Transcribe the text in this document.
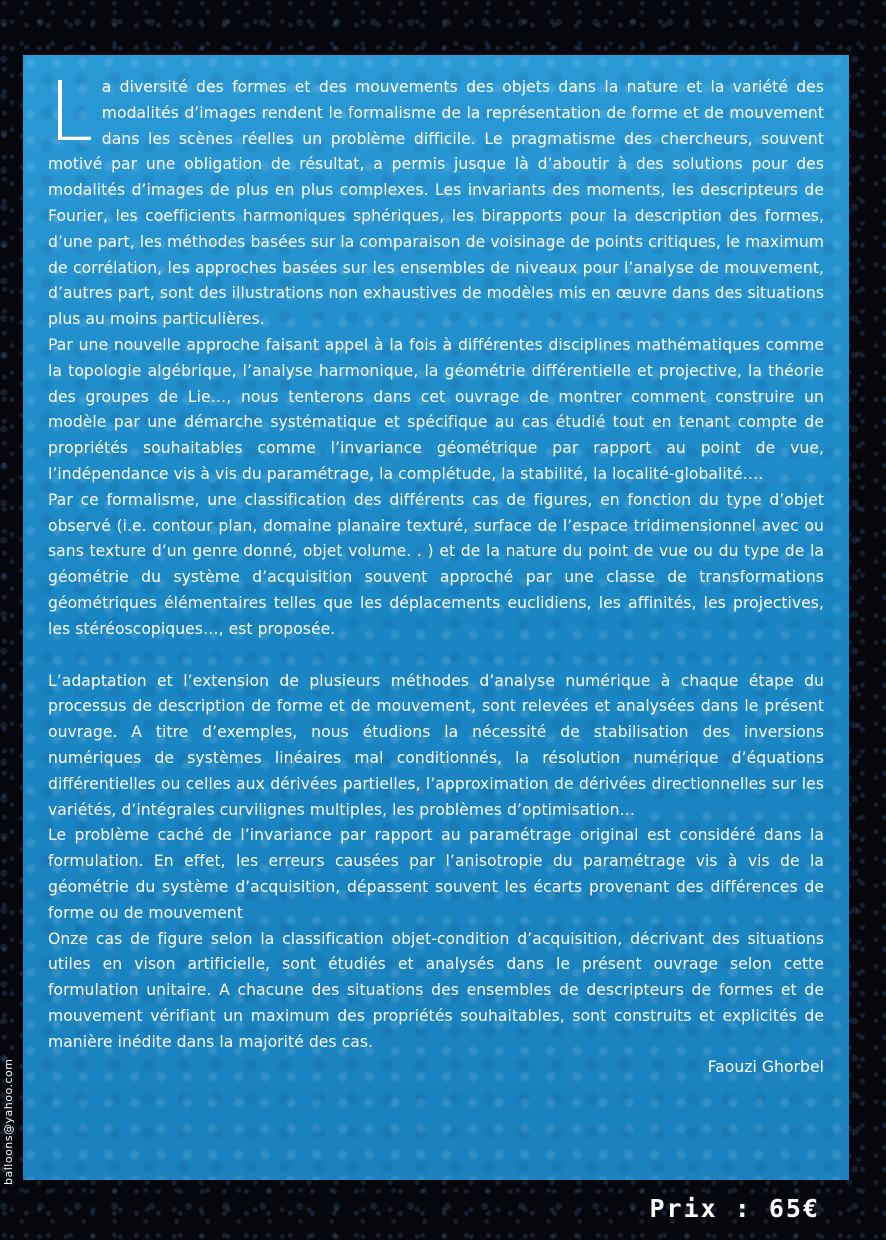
La diversité des formes et des mouvements des objets dans la nature et la variété des modalités d’images rendent le formalisme de la représentation de forme et de mouvement dans les scènes réelles un problème difficile. Le pragmatisme des chercheurs, souvent motivé par une obligation de résultat, a permis jusque là d’aboutir à des solutions pour des modalités d’images de plus en plus complexes. Les invariants des moments, les descripteurs de Fourier, les coefficients harmoniques sphériques, les birapports pour la description des formes, d’une part, les méthodes basées sur la comparaison de voisinage de points critiques, le maximum de corrélation, les approches basées sur les ensembles de niveaux pour l’analyse de mouvement, d’autres part, sont des illustrations non exhaustives de modèles mis en œuvre dans des situations plus au moins particulières.

Par une nouvelle approche faisant appel à la fois à différentes disciplines mathématiques comme la topologie algébrique, l’analyse harmonique, la géométrie différentielle et projective, la théorie des groupes de Lie…, nous tenterons dans cet ouvrage de montrer comment construire un modèle par une démarche systématique et spécifique au cas étudié tout en tenant compte de propriétés souhaitables comme l’invariance géométrique par rapport au point de vue, l’indépendance vis à vis du paramétrage, la complétude, la stabilité, la localité-globalité….

Par ce formalisme, une classification des différents cas de figures, en fonction du type d’objet observé (i.e. contour plan, domaine planaire texturé, surface de l’espace tridimensionnel avec ou sans texture d’un genre donné, objet volume. . ) et de la nature du point de vue ou du type de la géométrie du système d’acquisition souvent approché par une classe de transformations géométriques élémentaires telles que les déplacements euclidiens, les affinités, les projectives, les stéréoscopiques…, est proposée.

L’adaptation et l’extension de plusieurs méthodes d’analyse numérique à chaque étape du processus de description de forme et de mouvement, sont relevées et analysées dans le présent ouvrage. A titre d’exemples, nous étudions la nécessité de stabilisation des inversions numériques de systèmes linéaires mal conditionnés, la résolution numérique d’équations différentielles ou celles aux dérivées partielles, l’approximation de dérivées directionnelles sur les variétés, d’intégrales curvilignes multiples, les problèmes d’optimisation…

Le problème caché de l’invariance par rapport au paramétrage original est considéré dans la formulation. En effet, les erreurs causées par l’anisotropie du paramétrage vis à vis de la géométrie du système d’acquisition, dépassent souvent les écarts provenant des différences de forme ou de mouvement

Onze cas de figure selon la classification objet-condition d’acquisition, décrivant des situations utiles en vison artificielle, sont étudiés et analysés dans le présent ouvrage selon cette formulation unitaire. A chacune des situations des ensembles de descripteurs de formes et de mouvement vérifiant un maximum des propriétés souhaitables, sont construits et explicités de manière inédite dans la majorité des cas.

Faouzi Ghorbel

balloons@yahoo.com
Prix : 65€
